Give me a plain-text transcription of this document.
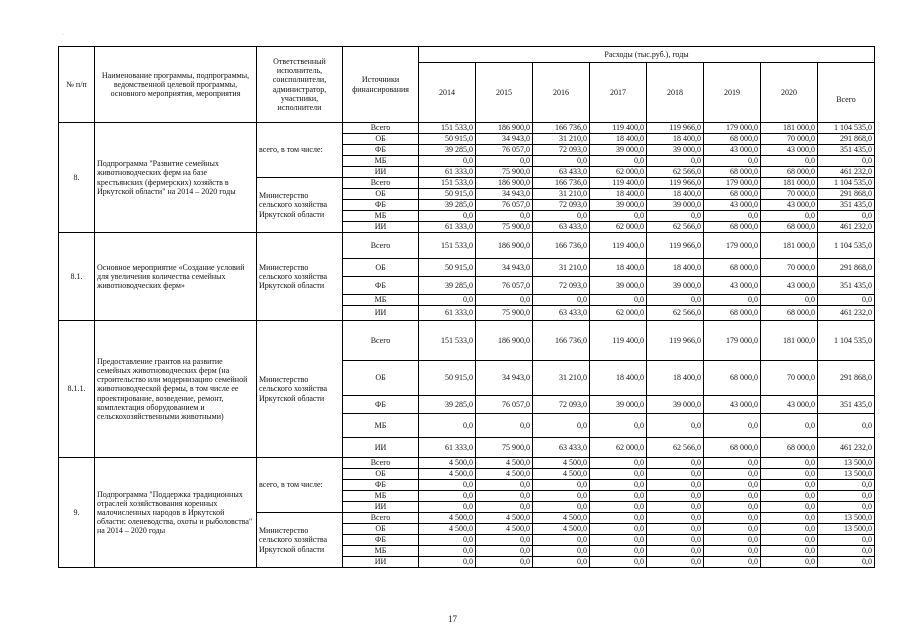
·
№ п/п	Наименование программы, подпрограммы, ведомственной целевой программы, основного мероприятия, мероприятия	Ответственный исполнитель, соисполнители, администратор, участники, исполнители	Источники финансирования	Расходы (тыс.руб.), годы							
				2014	2015	2016	2017	2018	2019	2020	Всего
8.	Подпрограмма "Развитие семейных животноводческих ферм на базе крестьянских (фермерских) хозяйств в Иркутской области" на 2014 – 2020 годы	всего, в том числе:	Всего	151 533,0	186 900,0	166 736,0	119 400,0	119 966,0	179 000,0	181 000,0	1 104 535,0
			ОБ	50 915,0	34 943,0	31 210,0	18 400,0	18 400,0	68 000,0	70 000,0	291 868,0
			ФБ	39 285,0	76 057,0	72 093,0	39 000,0	39 000,0	43 000,0	43 000,0	351 435,0
			МБ	0,0	0,0	0,0	0,0	0,0	0,0	0,0	0,0
			ИИ	61 333,0	75 900,0	63 433,0	62 000,0	62 566,0	68 000,0	68 000,0	461 232,0
		Министерство сельского хозяйства Иркутской области	Всего	151 533,0	186 900,0	166 736,0	119 400,0	119 966,0	179 000,0	181 000,0	1 104 535,0
			ОБ	50 915,0	34 943,0	31 210,0	18 400,0	18 400,0	68 000,0	70 000,0	291 868,0
			ФБ	39 285,0	76 057,0	72 093,0	39 000,0	39 000,0	43 000,0	43 000,0	351 435,0
			МБ	0,0	0,0	0,0	0,0	0,0	0,0	0,0	0,0
			ИИ	61 333,0	75 900,0	63 433,0	62 000,0	62 566,0	68 000,0	68 000,0	461 232,0
8.1.	Основное мероприятие «Создание условий для увеличения количества семейных животноводческих ферм»	Министерство сельского хозяйства Иркутской области	Всего	151 533,0	186 900,0	166 736,0	119 400,0	119 966,0	179 000,0	181 000,0	1 104 535,0
			ОБ	50 915,0	34 943,0	31 210,0	18 400,0	18 400,0	68 000,0	70 000,0	291 868,0
			ФБ	39 285,0	76 057,0	72 093,0	39 000,0	39 000,0	43 000,0	43 000,0	351 435,0
			МБ	0,0	0,0	0,0	0,0	0,0	0,0	0,0	0,0
			ИИ	61 333,0	75 900,0	63 433,0	62 000,0	62 566,0	68 000,0	68 000,0	461 232,0
8.1.1.	Предоставление грантов на развитие семейных животноводческих ферм (на строительство или модернизацию семейной животноводческой фермы, в том числе ее проектирование, возведение, ремонт, комплектация оборудованием и сельскохозяйственными животными)	Министерство сельского хозяйства Иркутской области	Всего	151 533,0	186 900,0	166 736,0	119 400,0	119 966,0	179 000,0	181 000,0	1 104 535,0
			ОБ	50 915,0	34 943,0	31 210,0	18 400,0	18 400,0	68 000,0	70 000,0	291 868,0
			ФБ	39 285,0	76 057,0	72 093,0	39 000,0	39 000,0	43 000,0	43 000,0	351 435,0
			МБ	0,0	0,0	0,0	0,0	0,0	0,0	0,0	0,0
			ИИ	61 333,0	75 900,0	63 433,0	62 000,0	62 566,0	68 000,0	68 000,0	461 232,0
9.	Подпрограмма "Поддержка традиционных отраслей хозяйствования коренных малочисленных народов в Иркутской области: оленеводства, охоты и рыболовства" на 2014 – 2020 годы	всего, в том числе:	Всего	4 500,0	4 500,0	4 500,0	0,0	0,0	0,0	0,0	13 500,0
			ОБ	4 500,0	4 500,0	4 500,0	0,0	0,0	0,0	0,0	13 500,0
			ФБ	0,0	0,0	0,0	0,0	0,0	0,0	0,0	0,0
			МБ	0,0	0,0	0,0	0,0	0,0	0,0	0,0	0,0
			ИИ	0,0	0,0	0,0	0,0	0,0	0,0	0,0	0,0
		Министерство сельского хозяйства Иркутской области	Всего	4 500,0	4 500,0	4 500,0	0,0	0,0	0,0	0,0	13 500,0
			ОБ	4 500,0	4 500,0	4 500,0	0,0	0,0	0,0	0,0	13 500,0
			ФБ	0,0	0,0	0,0	0,0	0,0	0,0	0,0	0,0
			МБ	0,0	0,0	0,0	0,0	0,0	0,0	0,0	0,0
			ИИ	0,0	0,0	0,0	0,0	0,0	0,0	0,0	0,0
17
